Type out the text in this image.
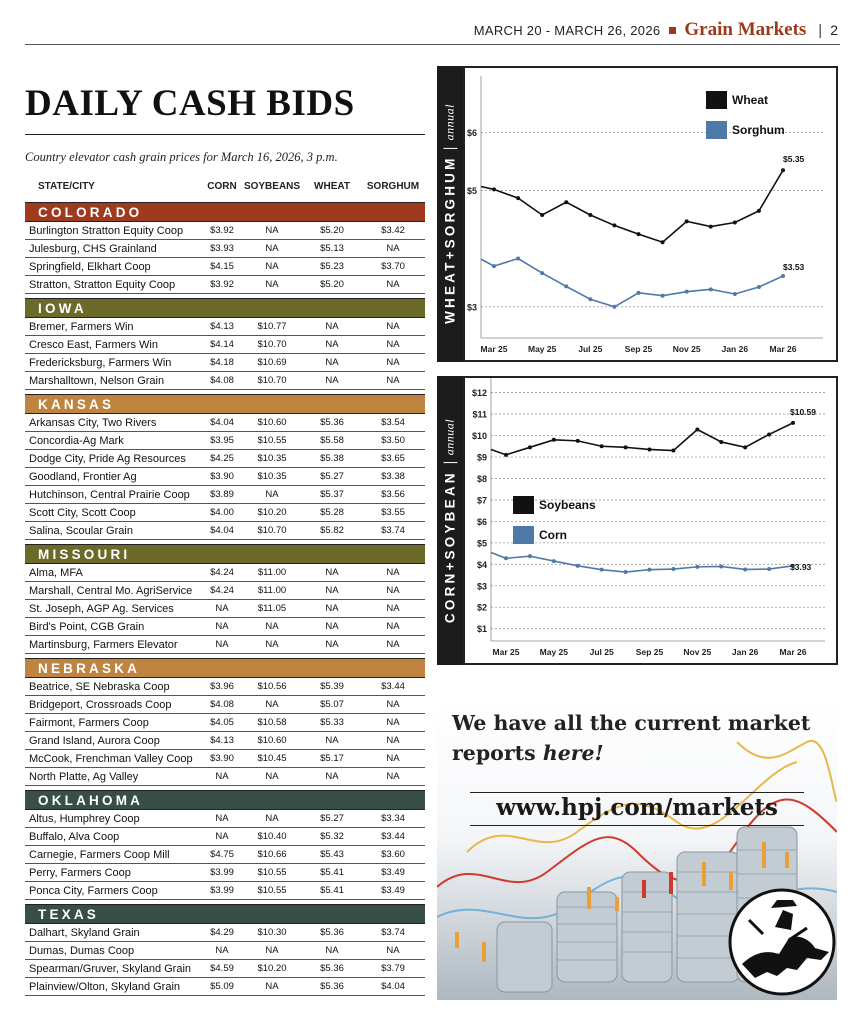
MARCH 20 - MARCH 26, 2026 Grain Markets | 2
DAILY CASH BIDS
Country elevator cash grain prices for March 16, 2026, 3 p.m.
STATE/CITY	CORN SOYBEANS	WHEAT	SORGHUM
COLORADO
Burlington Stratton Equity Coop	$3.92	NA	$5.20	$3.42
Julesburg, CHS Grainland	$3.93	NA	$5.13	NA
Springfield, Elkhart Coop	$4.15	NA	$5.23	$3.70
Stratton, Stratton Equity Coop	$3.92	NA	$5.20	NA
IOWA
Bremer, Farmers Win	$4.13	$10.77	NA	NA
Cresco East, Farmers Win	$4.14	$10.70	NA	NA
Fredericksburg, Farmers Win	$4.18	$10.69	NA	NA
Marshalltown, Nelson Grain	$4.08	$10.70	NA	NA
KANSAS
Arkansas City, Two Rivers	$4.04	$10.60	$5.36	$3.54
Concordia-Ag Mark	$3.95	$10.55	$5.58	$3.50
Dodge City, Pride Ag Resources	$4.25	$10.35	$5.38	$3.65
Goodland, Frontier Ag	$3.90	$10.35	$5.27	$3.38
Hutchinson, Central Prairie Coop	$3.89	NA	$5.37	$3.56
Scott City, Scott Coop	$4.00	$10.20	$5.28	$3.55
Salina, Scoular Grain	$4.04	$10.70	$5.82	$3.74
MISSOURI
Alma, MFA	$4.24	$11.00	NA	NA
Marshall, Central Mo. AgriService	$4.24	$11.00	NA	NA
St. Joseph, AGP Ag. Services	NA	$11.05	NA	NA
Bird's Point, CGB Grain	NA	NA	NA	NA
Martinsburg, Farmers Elevator	NA	NA	NA	NA
NEBRASKA
Beatrice, SE Nebraska Coop	$3.96	$10.56	$5.39	$3.44
Bridgeport, Crossroads Coop	$4.08	NA	$5.07	NA
Fairmont, Farmers Coop	$4.05	$10.58	$5.33	NA
Grand Island, Aurora Coop	$4.13	$10.60	NA	NA
McCook, Frenchman Valley Coop	$3.90	$10.45	$5.17	NA
North Platte, Ag Valley	NA	NA	NA	NA
OKLAHOMA
Altus, Humphrey Coop	NA	NA	$5.27	$3.34
Buffalo, Alva Coop	NA	$10.40	$5.32	$3.44
Carnegie, Farmers Coop Mill	$4.75	$10.66	$5.43	$3.60
Perry, Farmers Coop	$3.99	$10.55	$5.41	$3.49
Ponca City, Farmers Coop	$3.99	$10.55	$5.41	$3.49
TEXAS
Dalhart, Skyland Grain	$4.29	$10.30	$5.36	$3.74
Dumas, Dumas Coop	NA	NA	NA	NA
Spearman/Gruver, Skyland Grain	$4.59	$10.20	$5.36	$3.79
Plainview/Olton, Skyland Grain	$5.09	NA	$5.36	$4.04
WHEAT+SORGHUM
annual
$3
$5
$6
Mar 25 May 25	Jul 25	Sep 25 Nov 25 Jan 26	Mar 26
$5.35
$3.53
Wheat
Sorghum
CORN+SOYBEAN
annual
$1
$2
$3
$4
$5
$6
$7
$8
$9
$10
$11
$12
Mar 25 May 25	Jul 25	Sep 25 Nov 25 Jan 26 Mar 26
$10.59
$3.93
Soybeans
Corn
We have all the current market
reports here!
www.hpj.com/markets
